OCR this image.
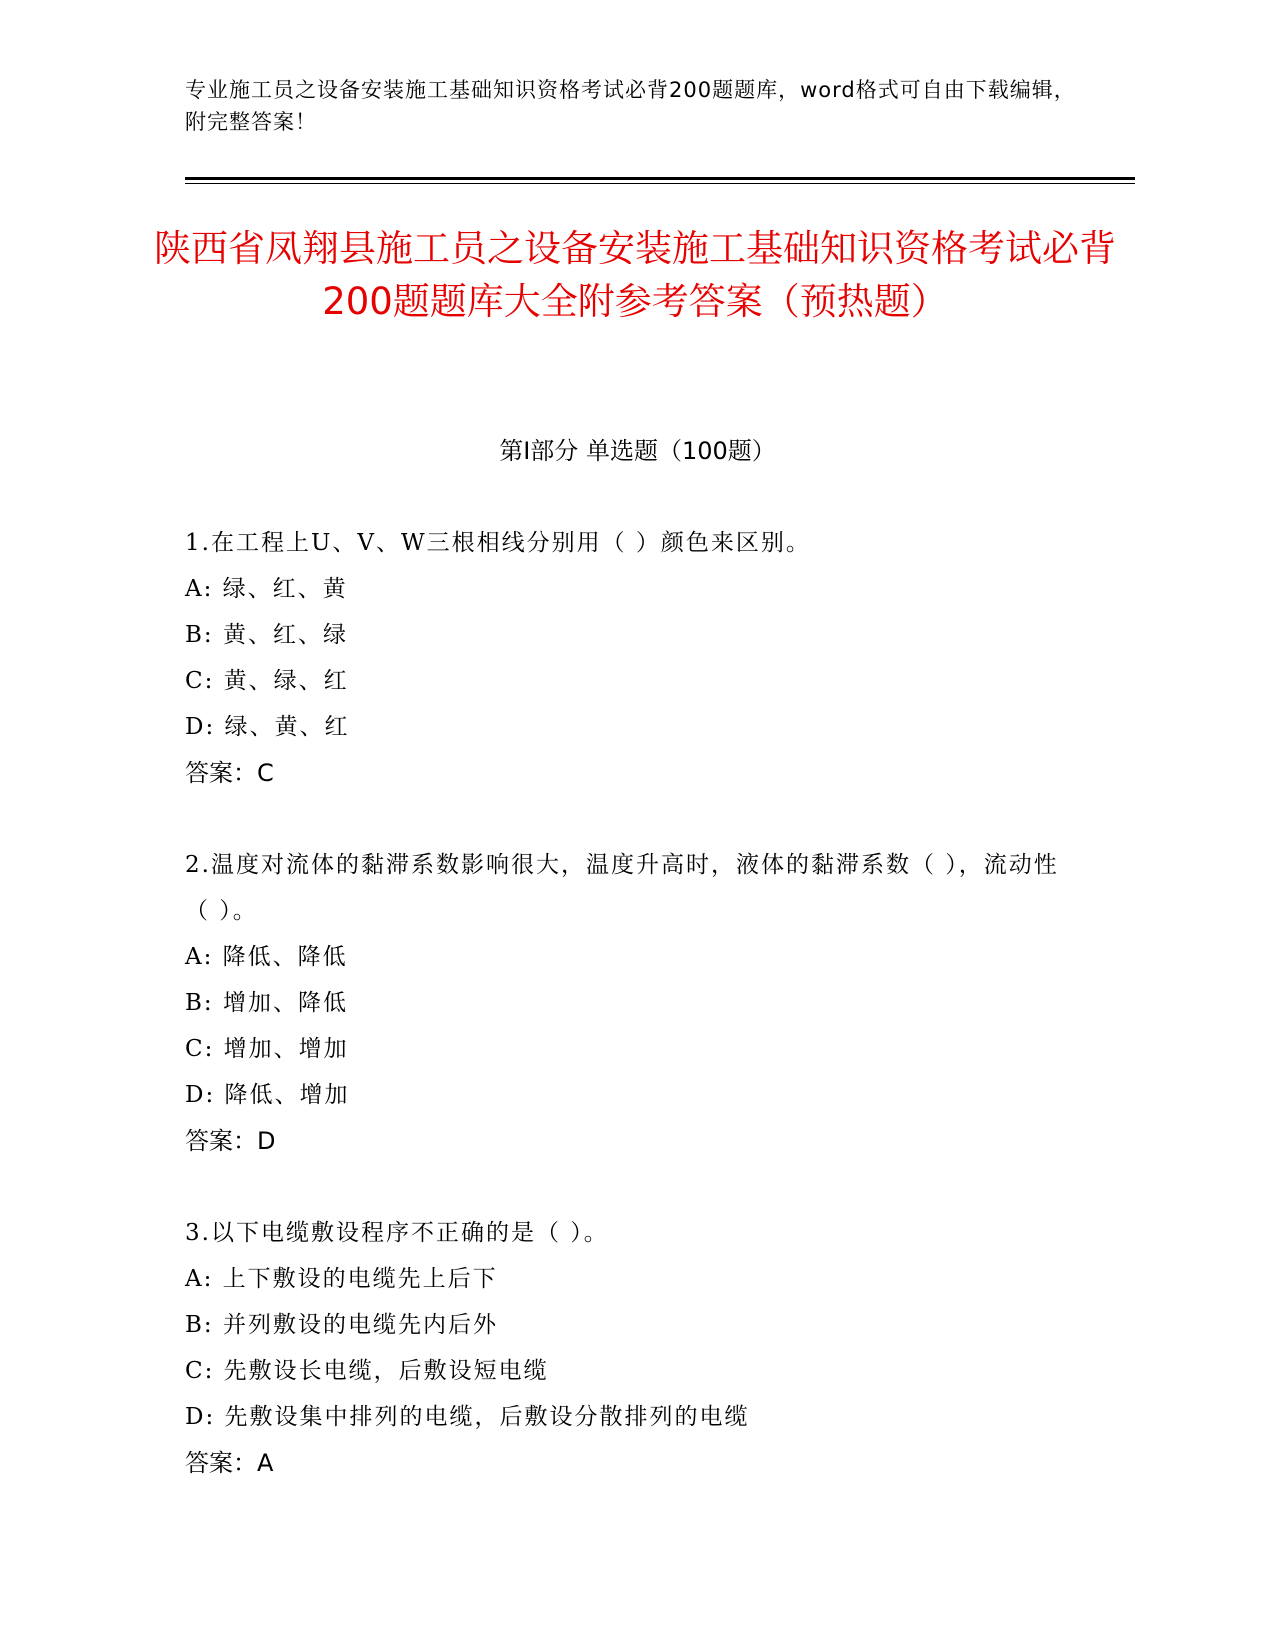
专业施工员之设备安装施工基础知识资格考试必背200题题库，word格式可自由下载编辑，附完整答案！
陕西省凤翔县施工员之设备安装施工基础知识资格考试必背200题题库大全附参考答案（预热题）
第I部分 单选题（100题）

1.在工程上U、V、W三根相线分别用（ ）颜色来区别。

A: 绿、红、黄

B: 黄、红、绿

C: 黄、绿、红

D: 绿、黄、红

答案：C

2.温度对流体的黏滞系数影响很大，温度升高时，液体的黏滞系数（ ），流动性（ ）。

A: 降低、降低

B: 增加、降低

C: 增加、增加

D: 降低、增加

答案：D

3.以下电缆敷设程序不正确的是（ ）。

A: 上下敷设的电缆先上后下

B: 并列敷设的电缆先内后外

C: 先敷设长电缆，后敷设短电缆

D: 先敷设集中排列的电缆，后敷设分散排列的电缆

答案：A
